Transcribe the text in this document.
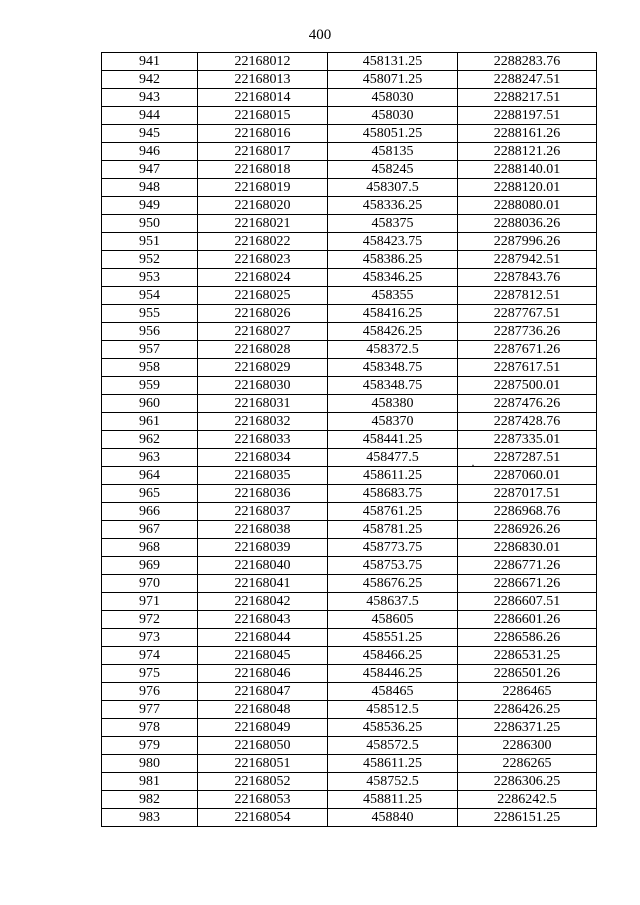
400
941	22168012	458131.25	2288283.76
942	22168013	458071.25	2288247.51
943	22168014	458030	2288217.51
944	22168015	458030	2288197.51
945	22168016	458051.25	2288161.26
946	22168017	458135	2288121.26
947	22168018	458245	2288140.01
948	22168019	458307.5	2288120.01
949	22168020	458336.25	2288080.01
950	22168021	458375	2288036.26
951	22168022	458423.75	2287996.26
952	22168023	458386.25	2287942.51
953	22168024	458346.25	2287843.76
954	22168025	458355	2287812.51
955	22168026	458416.25	2287767.51
956	22168027	458426.25	2287736.26
957	22168028	458372.5	2287671.26
958	22168029	458348.75	2287617.51
959	22168030	458348.75	2287500.01
960	22168031	458380	2287476.26
961	22168032	458370	2287428.76
962	22168033	458441.25	2287335.01
963	22168034	458477.5	2287287.51
964	22168035	458611.25	2287060.01
965	22168036	458683.75	2287017.51
966	22168037	458761.25	2286968.76
967	22168038	458781.25	2286926.26
968	22168039	458773.75	2286830.01
969	22168040	458753.75	2286771.26
970	22168041	458676.25	2286671.26
971	22168042	458637.5	2286607.51
972	22168043	458605	2286601.26
973	22168044	458551.25	2286586.26
974	22168045	458466.25	2286531.25
975	22168046	458446.25	2286501.26
976	22168047	458465	2286465
977	22168048	458512.5	2286426.25
978	22168049	458536.25	2286371.25
979	22168050	458572.5	2286300
980	22168051	458611.25	2286265
981	22168052	458752.5	2286306.25
982	22168053	458811.25	2286242.5
983	22168054	458840	2286151.25
·
